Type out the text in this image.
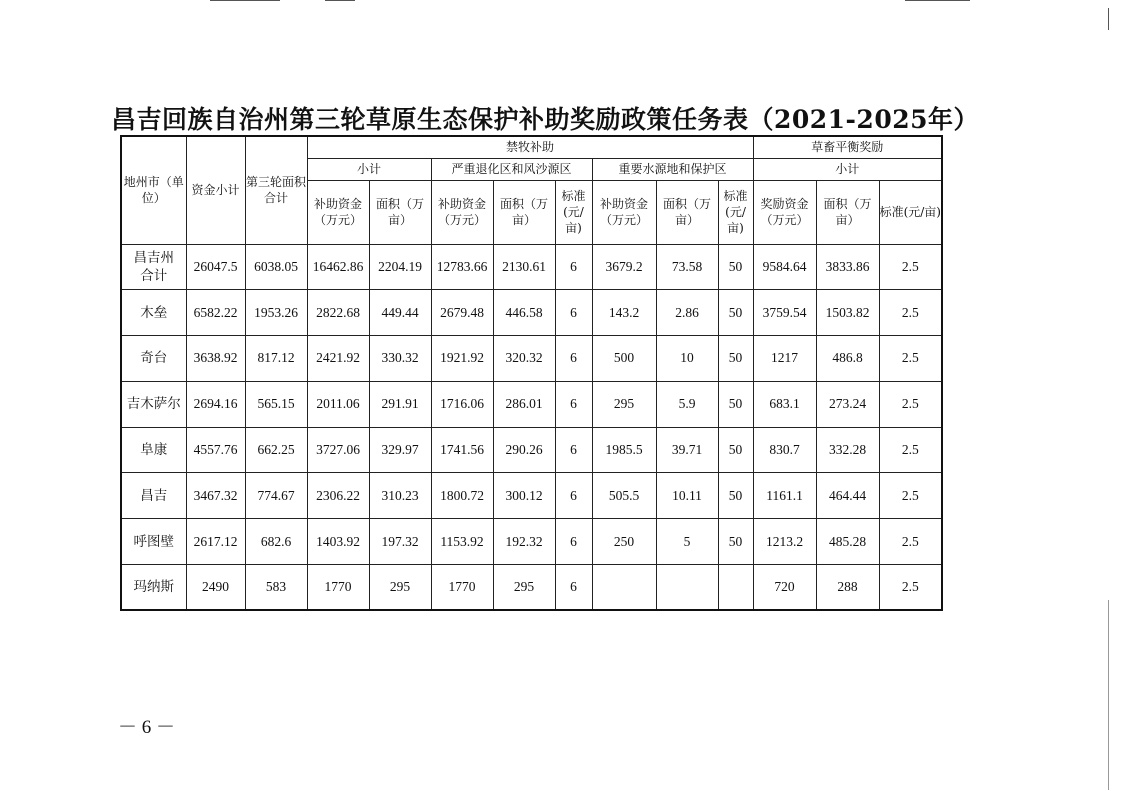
昌吉回族自治州第三轮草原生态保护补助奖励政策任务表（2021-2025年）
地州市（单位）	资金小计	第三轮面积合计	禁牧补助								草畜平衡奖励		
			小计		严重退化区和风沙源区			重要水源地和保护区			小计		
			补助资金（万元）	面积（万亩）	补助资金（万元）	面积（万亩）	标准(元/亩)	补助资金（万元）	面积（万亩）	标准(元/亩)	奖励资金（万元）	面积（万亩）	标准(元/亩)

昌吉州合计	26047.5	6038.05	16462.86	2204.19	12783.66	2130.61	6	3679.2	73.58	50	9584.64	3833.86	2.5
木垒	6582.22	1953.26	2822.68	449.44	2679.48	446.58	6	143.2	2.86	50	3759.54	1503.82	2.5
奇台	3638.92	817.12	2421.92	330.32	1921.92	320.32	6	500	10	50	1217	486.8	2.5
吉木萨尔	2694.16	565.15	2011.06	291.91	1716.06	286.01	6	295	5.9	50	683.1	273.24	2.5
阜康	4557.76	662.25	3727.06	329.97	1741.56	290.26	6	1985.5	39.71	50	830.7	332.28	2.5
昌吉	3467.32	774.67	2306.22	310.23	1800.72	300.12	6	505.5	10.11	50	1161.1	464.44	2.5
呼图壁	2617.12	682.6	1403.92	197.32	1153.92	192.32	6	250	5	50	1213.2	485.28	2.5
玛纳斯	2490	583	1770	295	1770	295	6				720	288	2.5
－ 6 －
